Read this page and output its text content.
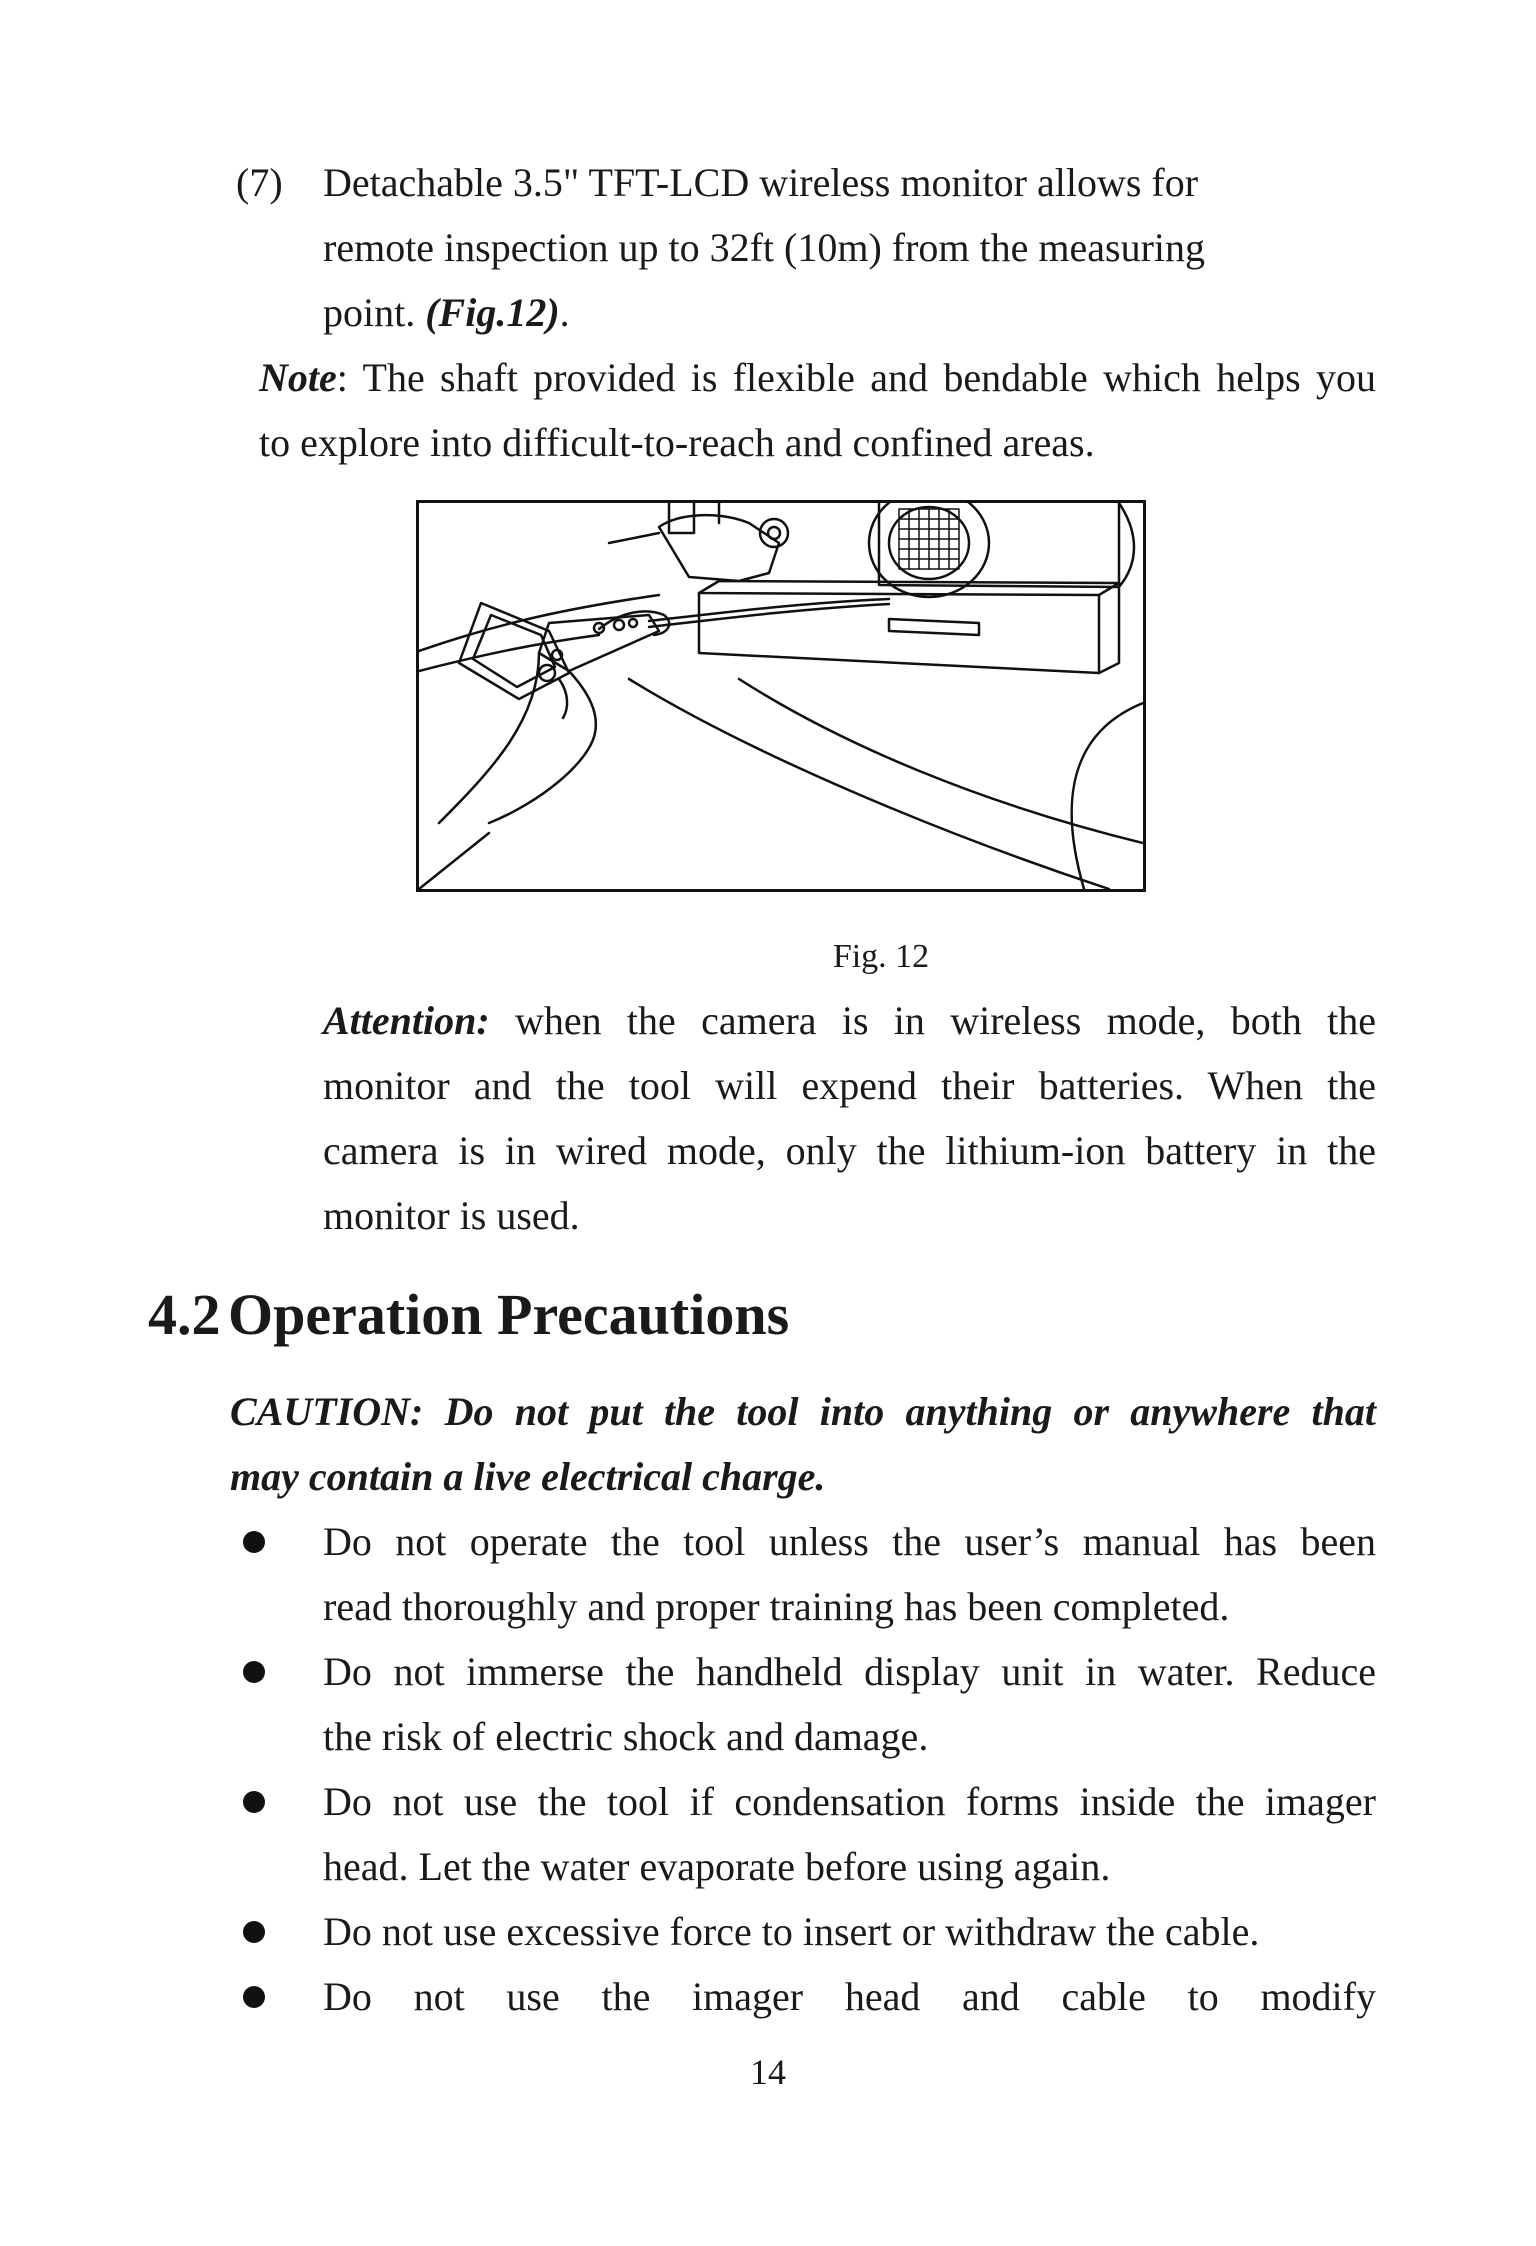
(7) Detachable 3.5" TFT-LCD wireless monitor allows for
remote inspection up to 32ft (10m) from the measuring
point. (Fig.12).
Note: The shaft provided is flexible and bendable which helps you
to explore into difficult-to-reach and confined areas.
Fig. 12
Attention: when the camera is in wireless mode, both the
monitor and the tool will expend their batteries. When the
camera is in wired mode, only the lithium-ion battery in the
monitor is used.
4.2 Operation Precautions
CAUTION: Do not put the tool into anything or anywhere that
may contain a live electrical charge.
Do not operate the tool unless the user’s manual has been
read thoroughly and proper training has been completed.
Do not immerse the handheld display unit in water. Reduce
the risk of electric shock and damage.
Do not use the tool if condensation forms inside the imager
head. Let the water evaporate before using again.
Do not use excessive force to insert or withdraw the cable.
Do not use the imager head and cable to modify
14
